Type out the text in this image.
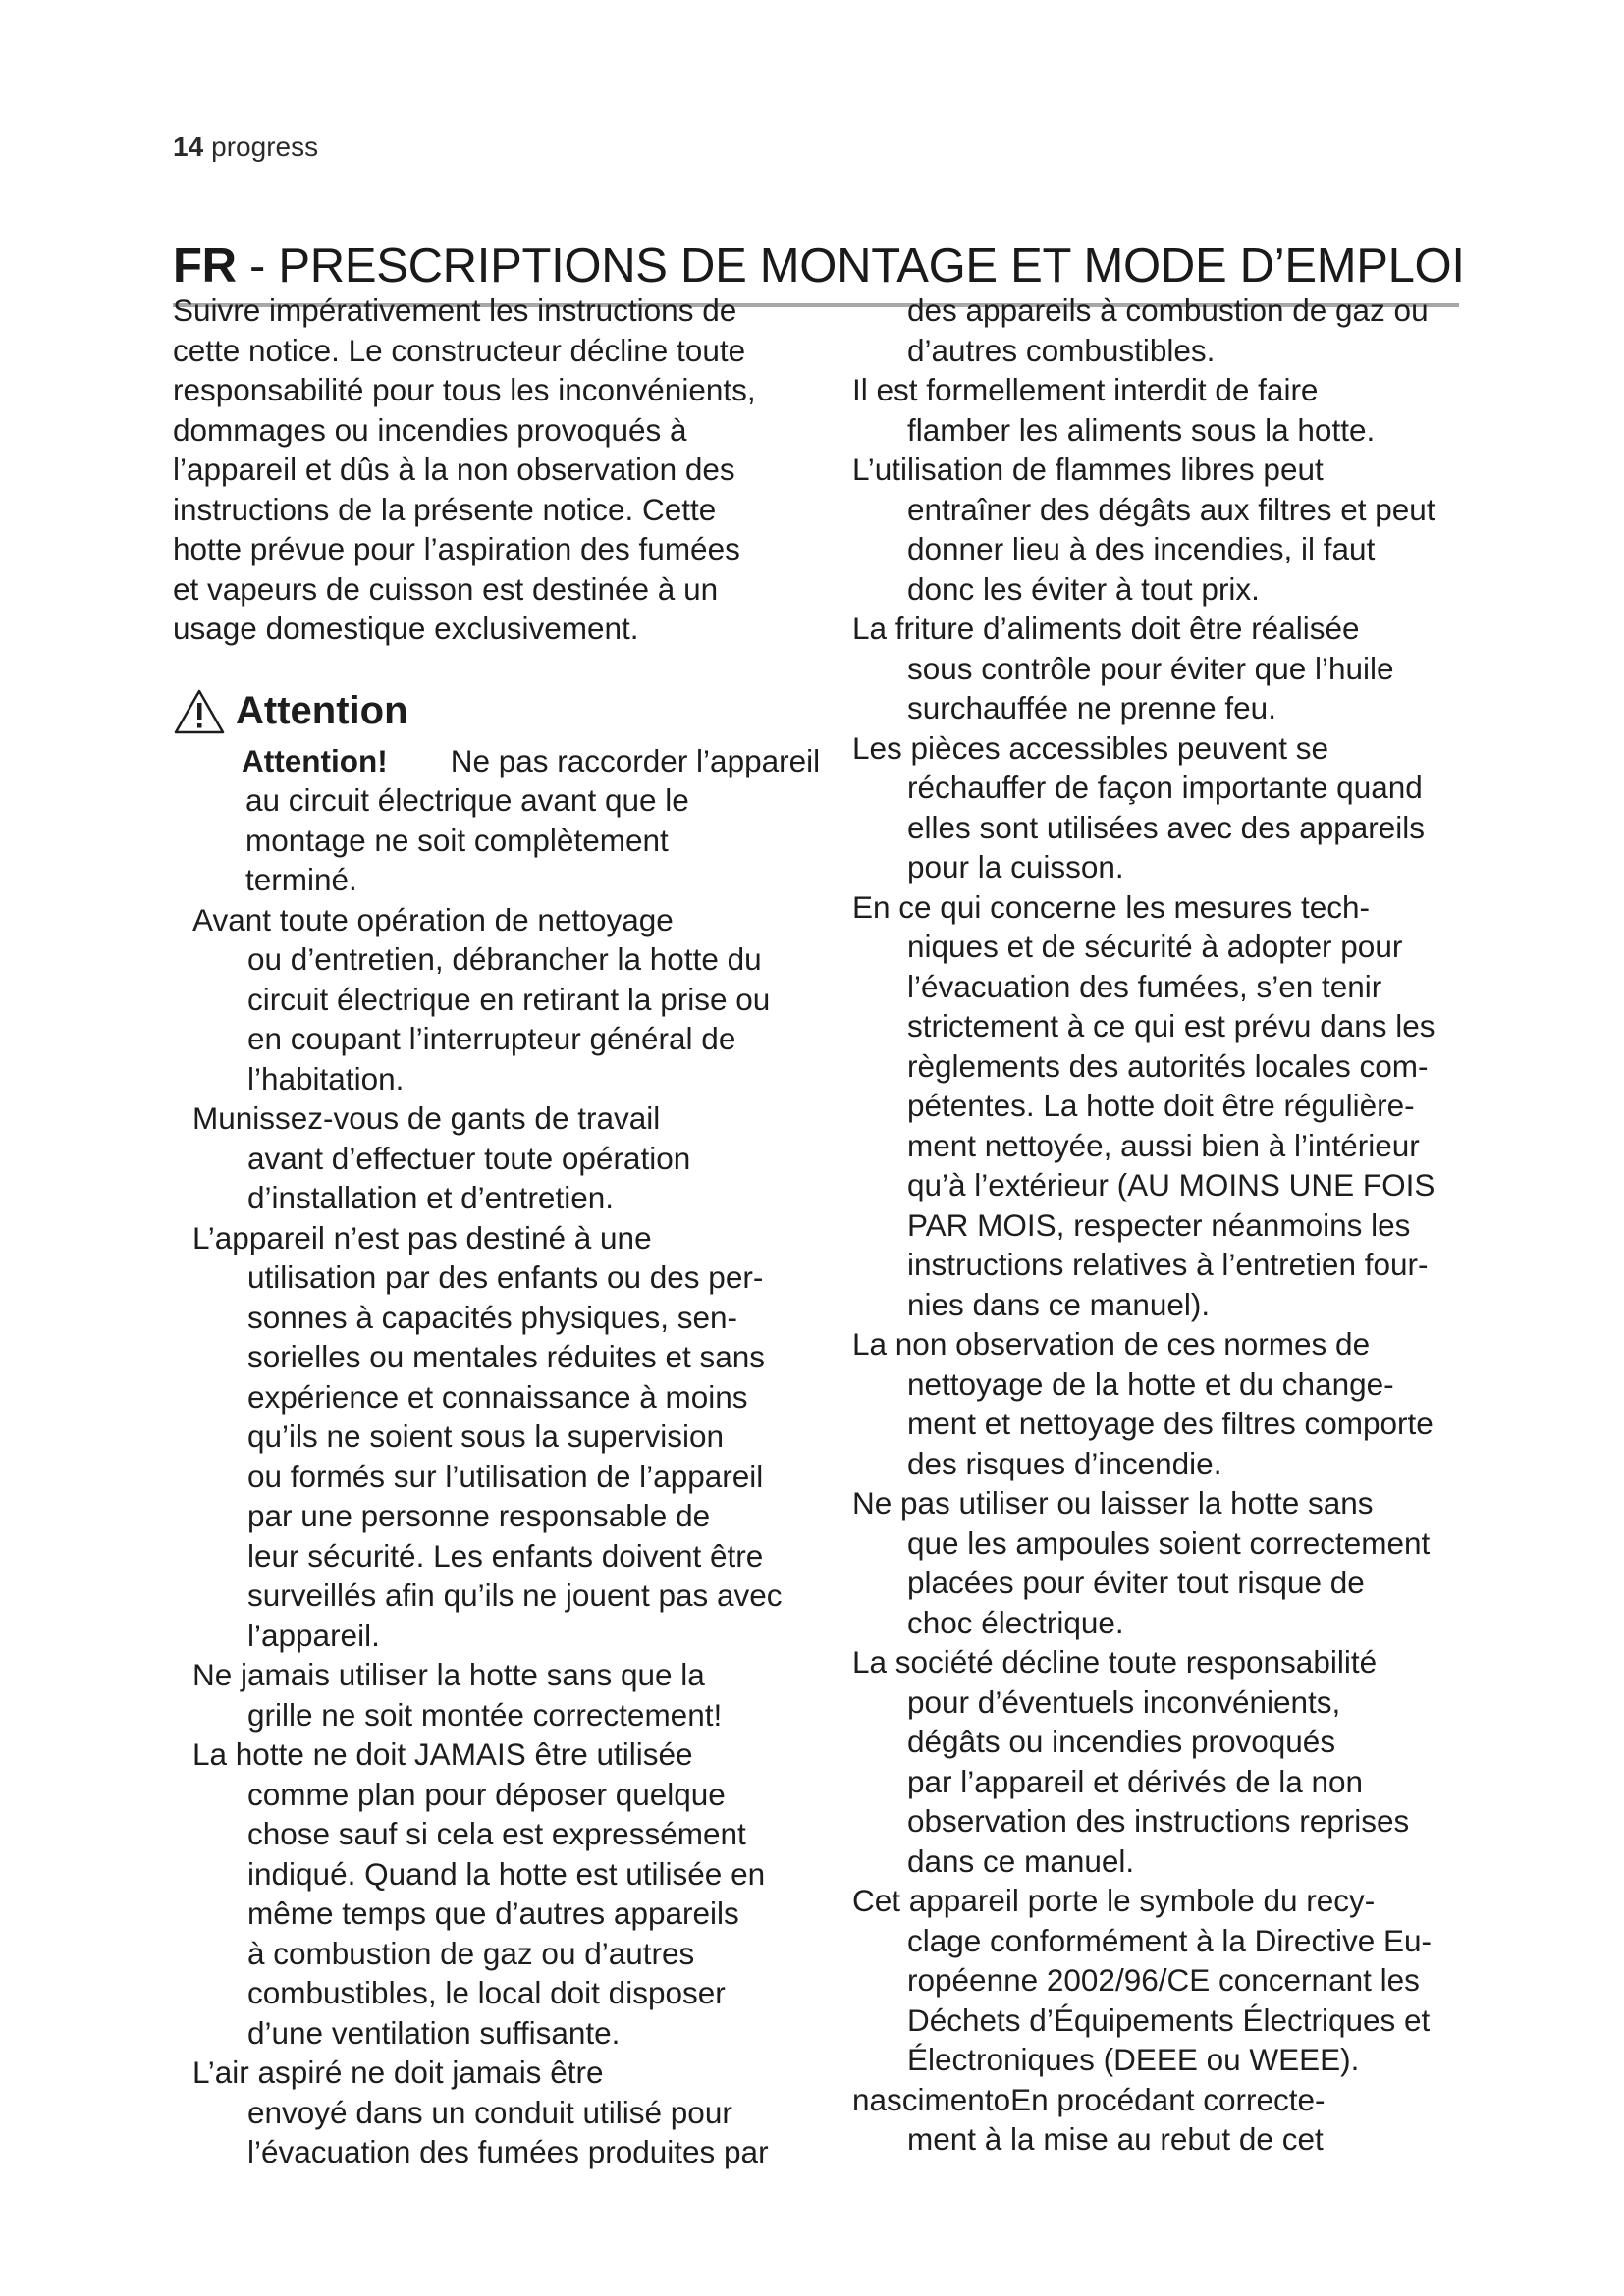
14 progress
FR - PRESCRIPTIONS DE MONTAGE ET MODE D’EMPLOI

Suivre impérativement les instructions de

cette notice. Le constructeur décline toute

responsabilité pour tous les inconvénients,

dommages ou incendies provoqués à

l’appareil et dûs à la non observation des

instructions de la présente notice. Cette

hotte prévue pour l’aspiration des fumées

et vapeurs de cuisson est destinée à un

usage domestique exclusivement.

Attention

Attention! Ne pas raccorder l’appareil

au circuit électrique avant que le

montage ne soit complètement

terminé.

Avant toute opération de nettoyage

ou d’entretien, débrancher la hotte du

circuit électrique en retirant la prise ou

en coupant l’interrupteur général de

l’habitation.

Munissez-vous de gants de travail

avant d’effectuer toute opération

d’installation et d’entretien.

L’appareil n’est pas destiné à une

utilisation par des enfants ou des per-

sonnes à capacités physiques, sen-

sorielles ou mentales réduites et sans

expérience et connaissance à moins

qu’ils ne soient sous la supervision

ou formés sur l’utilisation de l’appareil

par une personne responsable de

leur sécurité. Les enfants doivent être

surveillés afin qu’ils ne jouent pas avec

l’appareil.

Ne jamais utiliser la hotte sans que la

grille ne soit montée correctement!

La hotte ne doit JAMAIS être utilisée

comme plan pour déposer quelque

chose sauf si cela est expressément

indiqué. Quand la hotte est utilisée en

même temps que d’autres appareils

à combustion de gaz ou d’autres

combustibles, le local doit disposer

d’une ventilation suffisante.

L’air aspiré ne doit jamais être

envoyé dans un conduit utilisé pour

l’évacuation des fumées produites par

des appareils à combustion de gaz ou

d’autres combustibles.

Il est formellement interdit de faire

flamber les aliments sous la hotte.

L’utilisation de flammes libres peut

entraîner des dégâts aux filtres et peut

donner lieu à des incendies, il faut

donc les éviter à tout prix.

La friture d’aliments doit être réalisée

sous contrôle pour éviter que l’huile

surchauffée ne prenne feu.

Les pièces accessibles peuvent se

réchauffer de façon importante quand

elles sont utilisées avec des appareils

pour la cuisson.

En ce qui concerne les mesures tech-

niques et de sécurité à adopter pour

l’évacuation des fumées, s’en tenir

strictement à ce qui est prévu dans les

règlements des autorités locales com-

pétentes. La hotte doit être régulière-

ment nettoyée, aussi bien à l’intérieur

qu’à l’extérieur (AU MOINS UNE FOIS

PAR MOIS, respecter néanmoins les

instructions relatives à l’entretien four-

nies dans ce manuel).

La non observation de ces normes de

nettoyage de la hotte et du change-

ment et nettoyage des filtres comporte

des risques d’incendie.

Ne pas utiliser ou laisser la hotte sans

que les ampoules soient correctement

placées pour éviter tout risque de

choc électrique.

La société décline toute responsabilité

pour d’éventuels inconvénients,

dégâts ou incendies provoqués

par l’appareil et dérivés de la non

observation des instructions reprises

dans ce manuel.

Cet appareil porte le symbole du recy-

clage conformément à la Directive Eu-

ropéenne 2002/96/CE concernant les

Déchets d’Équipements Électriques et

Électroniques (DEEE ou WEEE).

nascimentoEn procédant correcte-

ment à la mise au rebut de cet
